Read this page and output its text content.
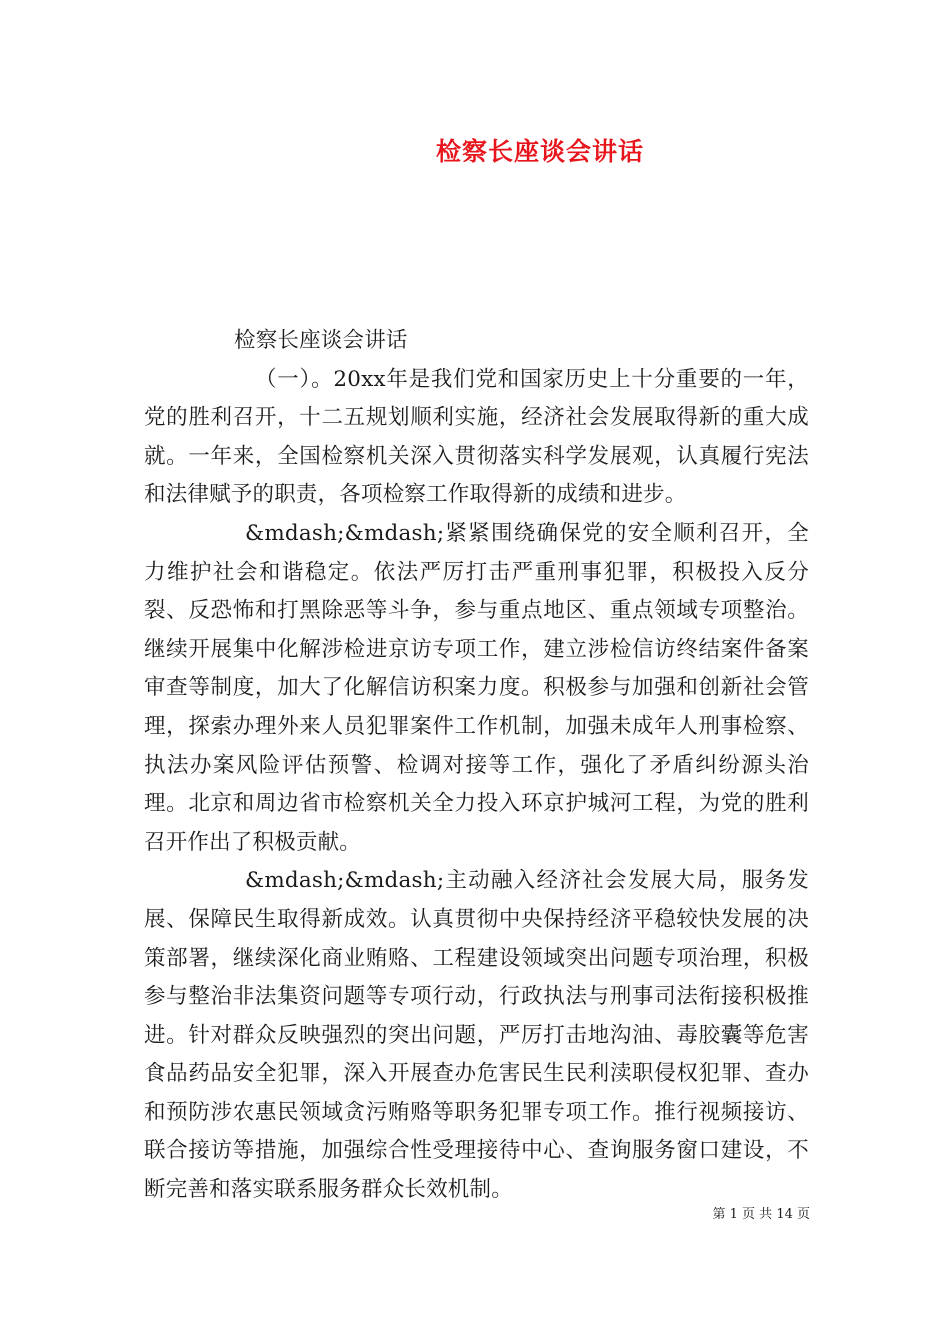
检察长座谈会讲话

检察长座谈会讲话

（一）。20xx年是我们党和国家历史上十分重要的一年，党的胜利召开，十二五规划顺利实施，经济社会发展取得新的重大成就。一年来，全国检察机关深入贯彻落实科学发展观，认真履行宪法和法律赋予的职责，各项检察工作取得新的成绩和进步。

&mdash;&mdash;紧紧围绕确保党的安全顺利召开，全力维护社会和谐稳定。依法严厉打击严重刑事犯罪，积极投入反分裂、反恐怖和打黑除恶等斗争，参与重点地区、重点领域专项整治。继续开展集中化解涉检进京访专项工作，建立涉检信访终结案件备案审查等制度，加大了化解信访积案力度。积极参与加强和创新社会管理，探索办理外来人员犯罪案件工作机制，加强未成年人刑事检察、执法办案风险评估预警、检调对接等工作，强化了矛盾纠纷源头治理。北京和周边省市检察机关全力投入环京护城河工程，为党的胜利召开作出了积极贡献。

&mdash;&mdash;主动融入经济社会发展大局，服务发展、保障民生取得新成效。认真贯彻中央保持经济平稳较快发展的决策部署，继续深化商业贿赂、工程建设领域突出问题专项治理，积极参与整治非法集资问题等专项行动，行政执法与刑事司法衔接积极推进。针对群众反映强烈的突出问题，严厉打击地沟油、毒胶囊等危害食品药品安全犯罪，深入开展查办危害民生民利渎职侵权犯罪、查办和预防涉农惠民领域贪污贿赂等职务犯罪专项工作。推行视频接访、联合接访等措施，加强综合性受理接待中心、查询服务窗口建设，不断完善和落实联系服务群众长效机制。

第 1 页 共 14 页
